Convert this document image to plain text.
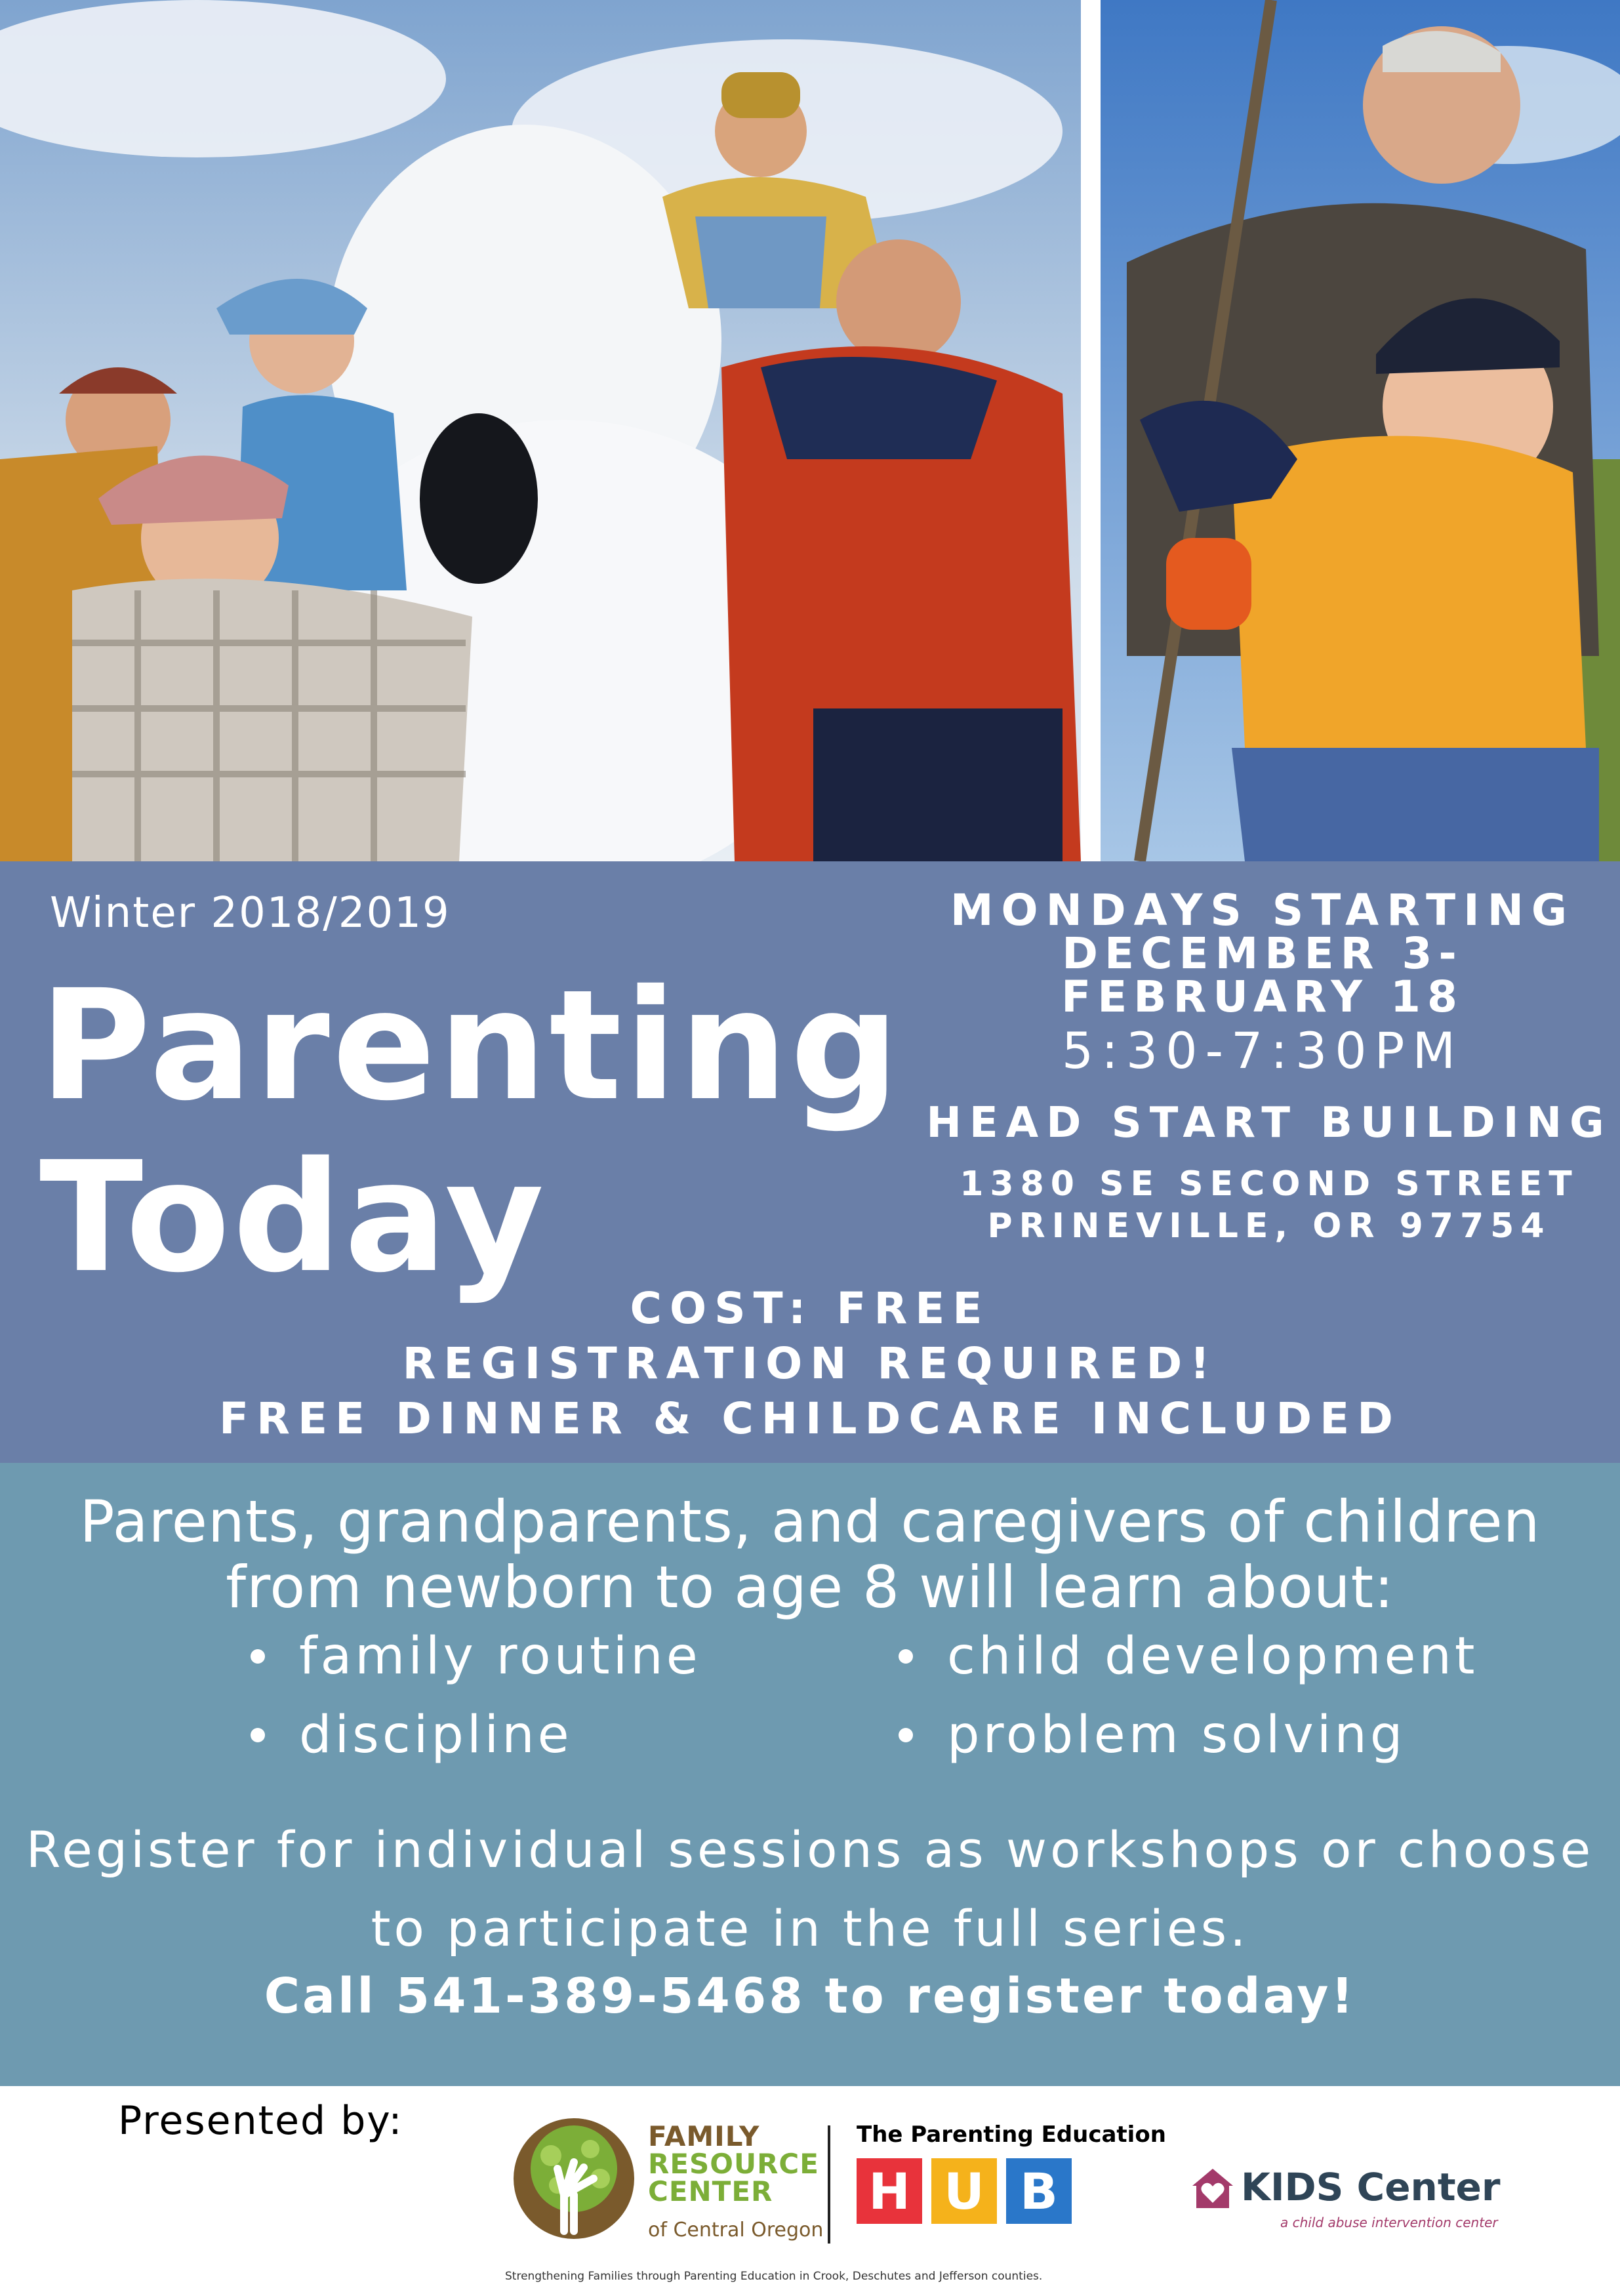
Winter 2018/2019
Parenting
Today
MONDAYS STARTING
DECEMBER 3-
FEBRUARY 18
5:30-7:30PM
HEAD START BUILDING
1380 SE SECOND STREET
PRINEVILLE, OR 97754
COST: FREE
REGISTRATION REQUIRED!
FREE DINNER & CHILDCARE INCLUDED
Parents, grandparents, and caregivers of children
from newborn to age 8 will learn about:
family routine	child development
discipline	problem solving
Register for individual sessions as workshops or choose
to participate in the full series.
Call 541-389-5468 to register today!
Presented by:	FAMILY
RESOURCE
CENTER
of Central Oregon
The Parenting Education
H U B
Strengthening Families through Parenting Education in Crook, Deschutes and Jefferson counties.
KIDS Center
a child abuse intervention center
